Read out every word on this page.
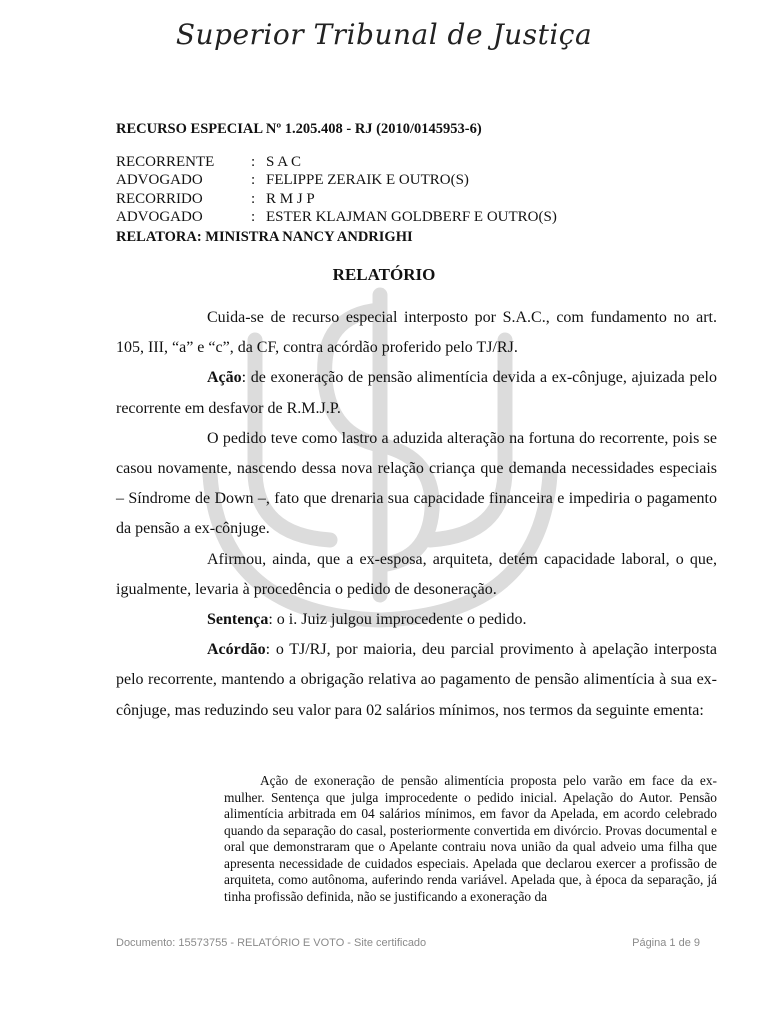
Superior Tribunal de Justiça
RECURSO ESPECIAL Nº 1.205.408 - RJ (2010/0145953-6)
RECORRENTE	: S A C
ADVOGADO	: FELIPPE ZERAIK E OUTRO(S)
RECORRIDO	: R M J P
ADVOGADO	: ESTER KLAJMAN GOLDBERF E OUTRO(S)
RELATORA: MINISTRA NANCY ANDRIGHI
RELATÓRIO

Cuida-se de recurso especial interposto por S.A.C., com fundamento no art. 105, III, “a” e “c”, da CF, contra acórdão proferido pelo TJ/RJ.

Ação: de exoneração de pensão alimentícia devida a ex-cônjuge, ajuizada pelo recorrente em desfavor de R.M.J.P.

O pedido teve como lastro a aduzida alteração na fortuna do recorrente, pois se casou novamente, nascendo dessa nova relação criança que demanda necessidades especiais – Síndrome de Down –, fato que drenaria sua capacidade financeira e impediria o pagamento da pensão a ex-cônjuge.

Afirmou, ainda, que a ex-esposa, arquiteta, detém capacidade laboral, o que, igualmente, levaria à procedência o pedido de desoneração.

Sentença: o i. Juiz julgou improcedente o pedido.

Acórdão: o TJ/RJ, por maioria, deu parcial provimento à apelação interposta pelo recorrente, mantendo a obrigação relativa ao pagamento de pensão alimentícia à sua ex-cônjuge, mas reduzindo seu valor para 02 salários mínimos, nos termos da seguinte ementa:

Ação de exoneração de pensão alimentícia proposta pelo varão em face da ex-mulher. Sentença que julga improcedente o pedido inicial. Apelação do Autor. Pensão alimentícia arbitrada em 04 salários mínimos, em favor da Apelada, em acordo celebrado quando da separação do casal, posteriormente convertida em divórcio. Provas documental e oral que demonstraram que o Apelante contraiu nova união da qual adveio uma filha que apresenta necessidade de cuidados especiais. Apelada que declarou exercer a profissão de arquiteta, como autônoma, auferindo renda variável. Apelada que, à época da separação, já tinha profissão definida, não se justificando a exoneração da

Documento: 15573755 - RELATÓRIO E VOTO - Site certificado	Página 1 de 9
